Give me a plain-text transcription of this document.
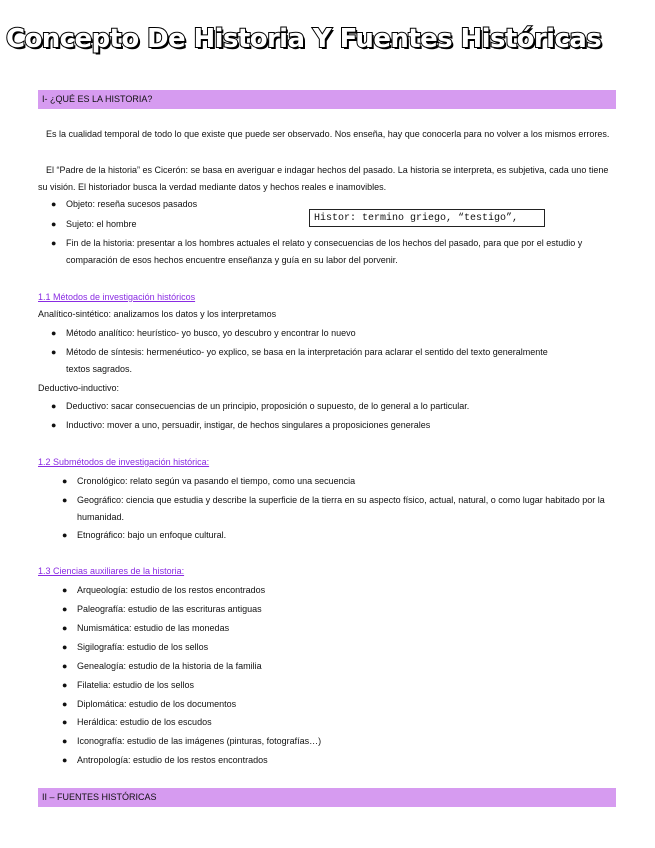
Concepto De Historia Y Fuentes Históricas
I- ¿QUÉ ES LA HISTORIA?
Es la cualidad temporal de todo lo que existe que puede ser observado. Nos enseña, hay que conocerla para no volver a los mismos errores.
El “Padre de la historia” es Cicerón: se basa en averiguar e indagar hechos del pasado. La historia se interpreta, es subjetiva, cada uno tiene su visión. El historiador busca la verdad mediante datos y hechos reales e inamovibles.
● Objeto: reseña sucesos pasados
● Sujeto: el hombre
● Fin de la historia: presentar a los hombres actuales el relato y consecuencias de los hechos del pasado, para que por el estudio y comparación de esos hechos encuentre enseñanza y guía en su labor del porvenir.
Histor: termino griego, “testigo”,
1.1 Métodos de investigación históricos
Analítico-sintético: analizamos los datos y los interpretamos
● Método analítico: heurístico- yo busco, yo descubro y encontrar lo nuevo
● Método de síntesis: hermenéutico- yo explico, se basa en la interpretación para aclarar el sentido del texto generalmente textos sagrados.
Deductivo-inductivo:
● Deductivo: sacar consecuencias de un principio, proposición o supuesto, de lo general a lo particular.
● Inductivo: mover a uno, persuadir, instigar, de hechos singulares a proposiciones generales
1.2 Submétodos de investigación histórica:
● Cronológico: relato según va pasando el tiempo, como una secuencia
● Geográfico: ciencia que estudia y describe la superficie de la tierra en su aspecto físico, actual, natural, o como lugar habitado por la humanidad.
● Etnográfico: bajo un enfoque cultural.
1.3 Ciencias auxiliares de la historia:
● Arqueología: estudio de los restos encontrados
● Paleografía: estudio de las escrituras antiguas
● Numismática: estudio de las monedas
● Sigilografía: estudio de los sellos
● Genealogía: estudio de la historia de la familia
● Filatelia: estudio de los sellos
● Diplomática: estudio de los documentos
● Heráldica: estudio de los escudos
● Iconografía: estudio de las imágenes (pinturas, fotografías…)
● Antropología: estudio de los restos encontrados
II – FUENTES HISTÓRICAS
